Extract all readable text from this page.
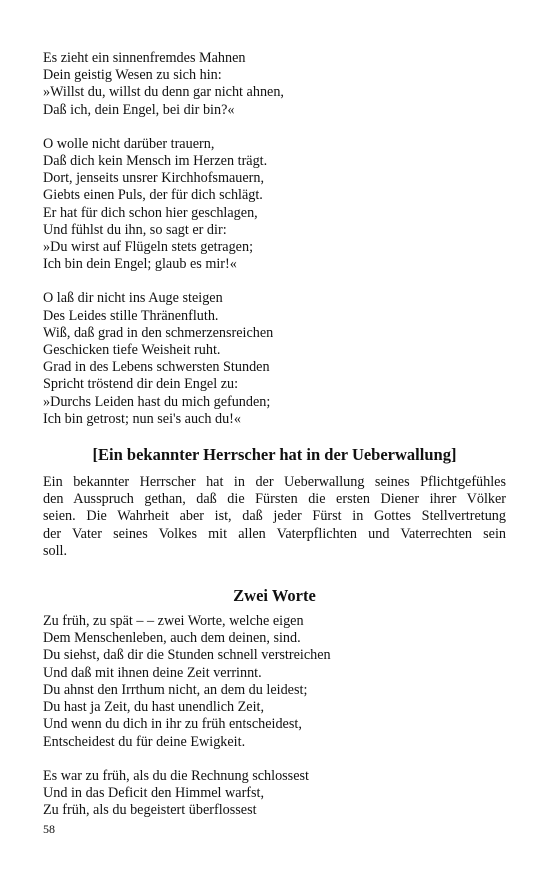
Es zieht ein sinnenfremdes Mahnen
Dein geistig Wesen zu sich hin:
»Willst du, willst du denn gar nicht ahnen,
Daß ich, dein Engel, bei dir bin?«
O wolle nicht darüber trauern,
Daß dich kein Mensch im Herzen trägt.
Dort, jenseits unsrer Kirchhofsmauern,
Giebts einen Puls, der für dich schlägt.
Er hat für dich schon hier geschlagen,
Und fühlst du ihn, so sagt er dir:
»Du wirst auf Flügeln stets getragen;
Ich bin dein Engel; glaub es mir!«
O laß dir nicht ins Auge steigen
Des Leides stille Thränenfluth.
Wiß, daß grad in den schmerzensreichen
Geschicken tiefe Weisheit ruht.
Grad in des Lebens schwersten Stunden
Spricht tröstend dir dein Engel zu:
»Durchs Leiden hast du mich gefunden;
Ich bin getrost; nun sei's auch du!«
[Ein bekannter Herrscher hat in der Ueberwallung]
Ein bekannter Herrscher hat in der Ueberwallung seines Pflichtgefühles
den Ausspruch gethan, daß die Fürsten die ersten Diener ihrer Völker
seien. Die Wahrheit aber ist, daß jeder Fürst in Gottes Stellvertretung
der Vater seines Volkes mit allen Vaterpflichten und Vaterrechten sein
soll.
Zwei Worte
Zu früh, zu spät – – zwei Worte, welche eigen
Dem Menschenleben, auch dem deinen, sind.
Du siehst, daß dir die Stunden schnell verstreichen
Und daß mit ihnen deine Zeit verrinnt.
Du ahnst den Irrthum nicht, an dem du leidest;
Du hast ja Zeit, du hast unendlich Zeit,
Und wenn du dich in ihr zu früh entscheidest,
Entscheidest du für deine Ewigkeit.
Es war zu früh, als du die Rechnung schlossest
Und in das Deficit den Himmel warfst,
Zu früh, als du begeistert überflossest
58
